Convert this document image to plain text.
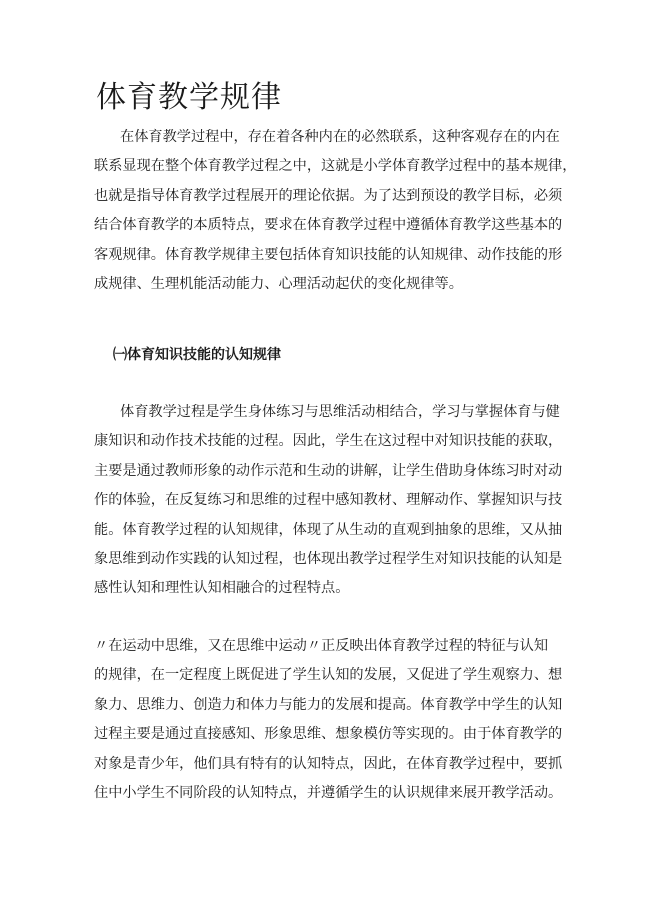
体育教学规律

在体育教学过程中，存在着各种内在的必然联系，这种客观存在的内在
联系显现在整个体育教学过程之中，这就是小学体育教学过程中的基本规律，
也就是指导体育教学过程展开的理论依据。为了达到预设的教学目标，必须
结合体育教学的本质特点，要求在体育教学过程中遵循体育教学这些基本的
客观规律。体育教学规律主要包括体育知识技能的认知规律、动作技能的形
成规律、生理机能活动能力、心理活动起伏的变化规律等。

㈠体育知识技能的认知规律

体育教学过程是学生身体练习与思维活动相结合，学习与掌握体育与健
康知识和动作技术技能的过程。因此，学生在这过程中对知识技能的获取，
主要是通过教师形象的动作示范和生动的讲解，让学生借助身体练习时对动
作的体验，在反复练习和思维的过程中感知教材、理解动作、掌握知识与技
能。体育教学过程的认知规律，体现了从生动的直观到抽象的思维，又从抽
象思维到动作实践的认知过程，也体现出教学过程学生对知识技能的认知是
感性认知和理性认知相融合的过程特点。

〃在运动中思维，又在思维中运动〃正反映出体育教学过程的特征与认知
的规律，在一定程度上既促进了学生认知的发展，又促进了学生观察力、想
象力、思维力、创造力和体力与能力的发展和提高。体育教学中学生的认知
过程主要是通过直接感知、形象思维、想象模仿等实现的。由于体育教学的
对象是青少年，他们具有特有的认知特点，因此，在体育教学过程中，要抓
住中小学生不同阶段的认知特点，并遵循学生的认识规律来展开教学活动。
